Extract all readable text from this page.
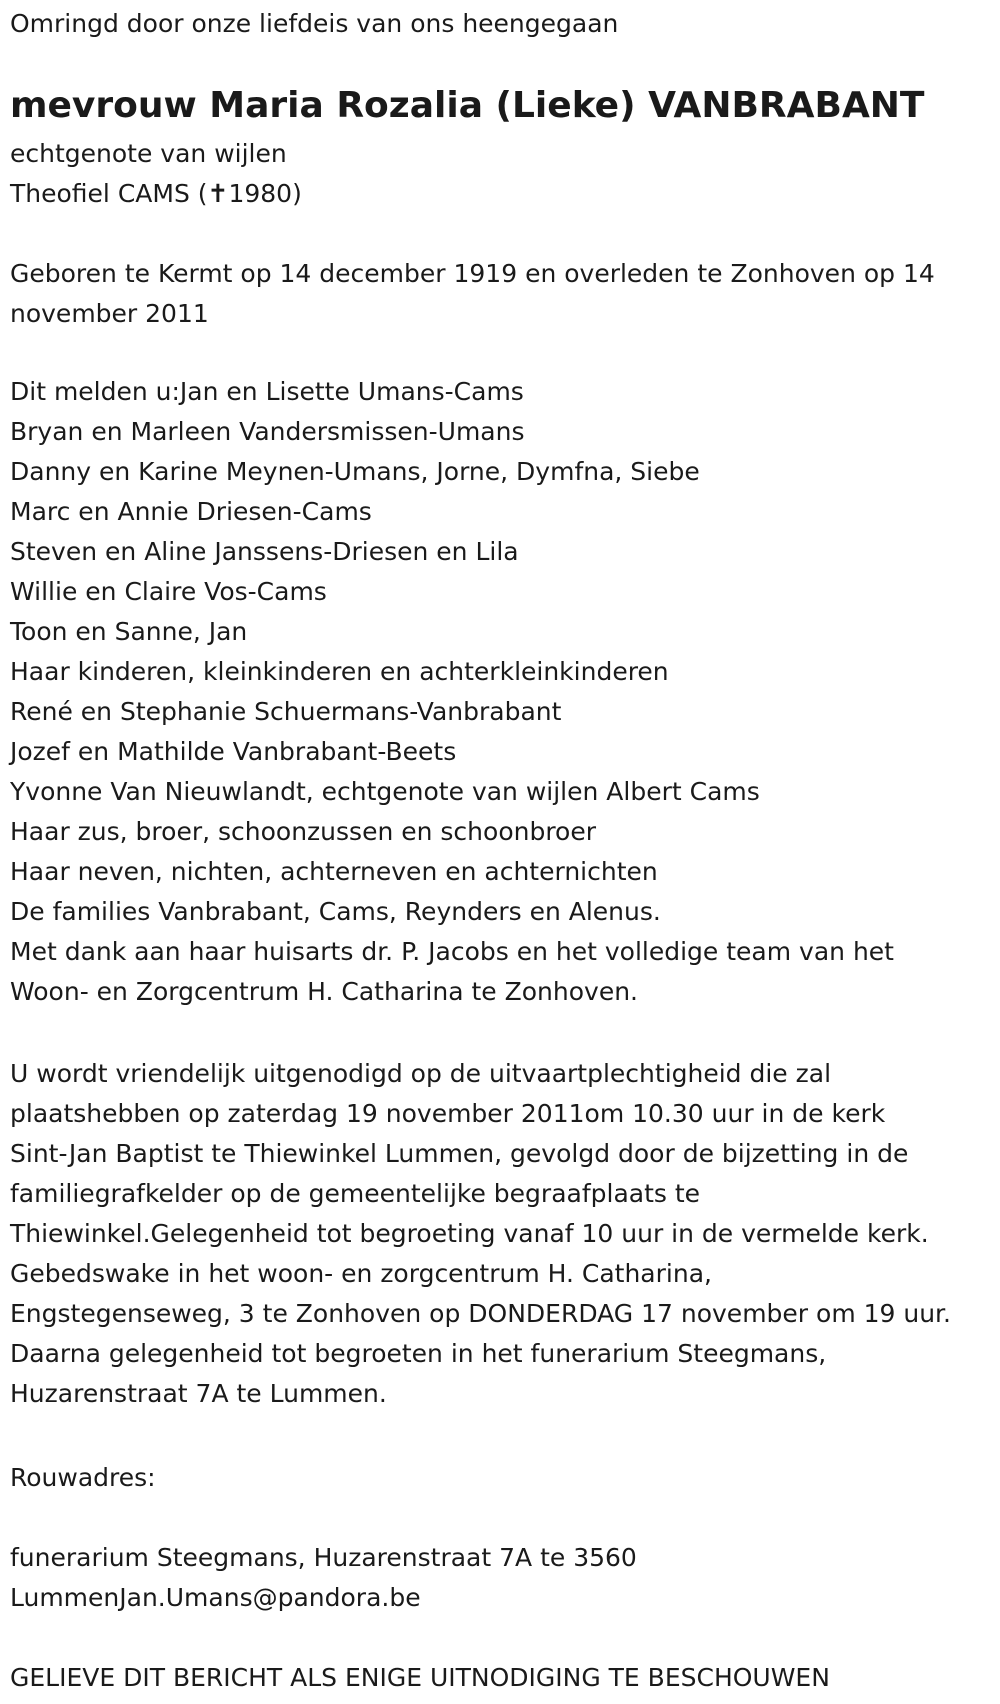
Omringd door onze liefdeis van ons heengegaan
mevrouw Maria Rozalia (Lieke) VANBRABANT
echtgenote van wijlen
Theofiel CAMS (✝1980)
Geboren te Kermt op 14 december 1919 en overleden te Zonhoven op 14
november 2011
Dit melden u:Jan en Lisette Umans-Cams
Bryan en Marleen Vandersmissen-Umans
Danny en Karine Meynen-Umans, Jorne, Dymfna, Siebe
Marc en Annie Driesen-Cams
Steven en Aline Janssens-Driesen en Lila
Willie en Claire Vos-Cams
Toon en Sanne, Jan
Haar kinderen, kleinkinderen en achterkleinkinderen
René en Stephanie Schuermans-Vanbrabant
Jozef en Mathilde Vanbrabant-Beets
Yvonne Van Nieuwlandt, echtgenote van wijlen Albert Cams
Haar zus, broer, schoonzussen en schoonbroer
Haar neven, nichten, achterneven en achternichten
De families Vanbrabant, Cams, Reynders en Alenus.
Met dank aan haar huisarts dr. P. Jacobs en het volledige team van het
Woon- en Zorgcentrum H. Catharina te Zonhoven.
U wordt vriendelijk uitgenodigd op de uitvaartplechtigheid die zal
plaatshebben op zaterdag 19 november 2011om 10.30 uur in de kerk
Sint-Jan Baptist te Thiewinkel Lummen, gevolgd door de bijzetting in de
familiegrafkelder op de gemeentelijke begraafplaats te
Thiewinkel.Gelegenheid tot begroeting vanaf 10 uur in de vermelde kerk.
Gebedswake in het woon- en zorgcentrum H. Catharina,
Engstegenseweg, 3 te Zonhoven op DONDERDAG 17 november om 19 uur.
Daarna gelegenheid tot begroeten in het funerarium Steegmans,
Huzarenstraat 7A te Lummen.
Rouwadres:
funerarium Steegmans, Huzarenstraat 7A te 3560
LummenJan.Umans@pandora.be
GELIEVE DIT BERICHT ALS ENIGE UITNODIGING TE BESCHOUWEN
